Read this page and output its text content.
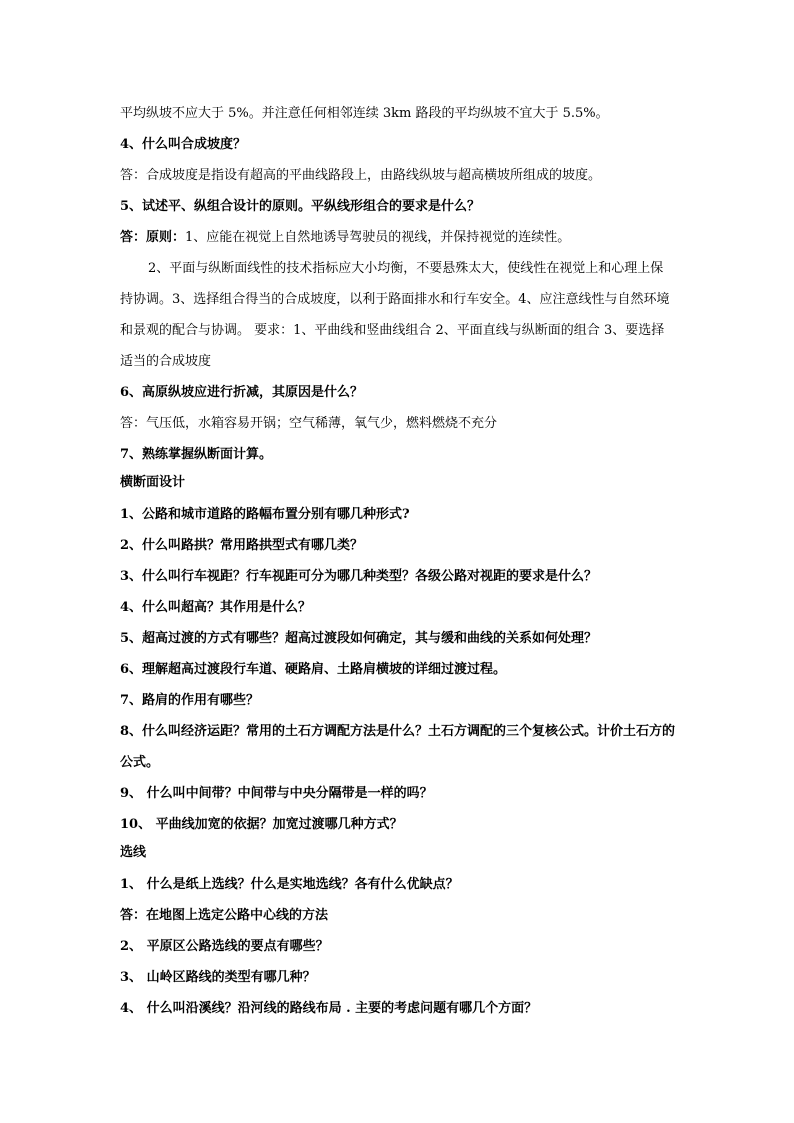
平均纵坡不应大于 5%。并注意任何相邻连续 3km 路段的平均纵坡不宜大于 5.5%。
4、什么叫合成坡度？
答：合成坡度是指设有超高的平曲线路段上，由路线纵坡与超高横坡所组成的坡度。
5、试述平、纵组合设计的原则。平纵线形组合的要求是什么？
答：原则：1、应能在视觉上自然地诱导驾驶员的视线，并保持视觉的连续性。
2、平面与纵断面线性的技术指标应大小均衡，不要悬殊太大，使线性在视觉上和心理上保持协调。3、选择组合得当的合成坡度，以利于路面排水和行车安全。4、应注意线性与自然环境和景观的配合与协调。 要求：1、平曲线和竖曲线组合 2、平面直线与纵断面的组合 3、要选择适当的合成坡度
6、高原纵坡应进行折减，其原因是什么？
答：气压低，水箱容易开锅；空气稀薄，氧气少，燃料燃烧不充分
7、熟练掌握纵断面计算。
横断面设计
1、公路和城市道路的路幅布置分别有哪几种形式?
2、什么叫路拱？常用路拱型式有哪几类？
3、什么叫行车视距？行车视距可分为哪几种类型？各级公路对视距的要求是什么？
4、什么叫超高？其作用是什么？
5、超高过渡的方式有哪些？超高过渡段如何确定，其与缓和曲线的关系如何处理？
6、理解超高过渡段行车道、硬路肩、土路肩横坡的详细过渡过程。
7、路肩的作用有哪些？
8、什么叫经济运距？常用的土石方调配方法是什么？土石方调配的三个复核公式。计价土石方的公式。
9、 什么叫中间带？中间带与中央分隔带是一样的吗？
10、 平曲线加宽的依据？加宽过渡哪几种方式？
选线
1、 什么是纸上选线？什么是实地选线？各有什么优缺点？
答：在地图上选定公路中心线的方法
2、 平原区公路选线的要点有哪些？
3、 山岭区路线的类型有哪几种？
4、 什么叫沿溪线？沿河线的路线布局 . 主要的考虑问题有哪几个方面？
